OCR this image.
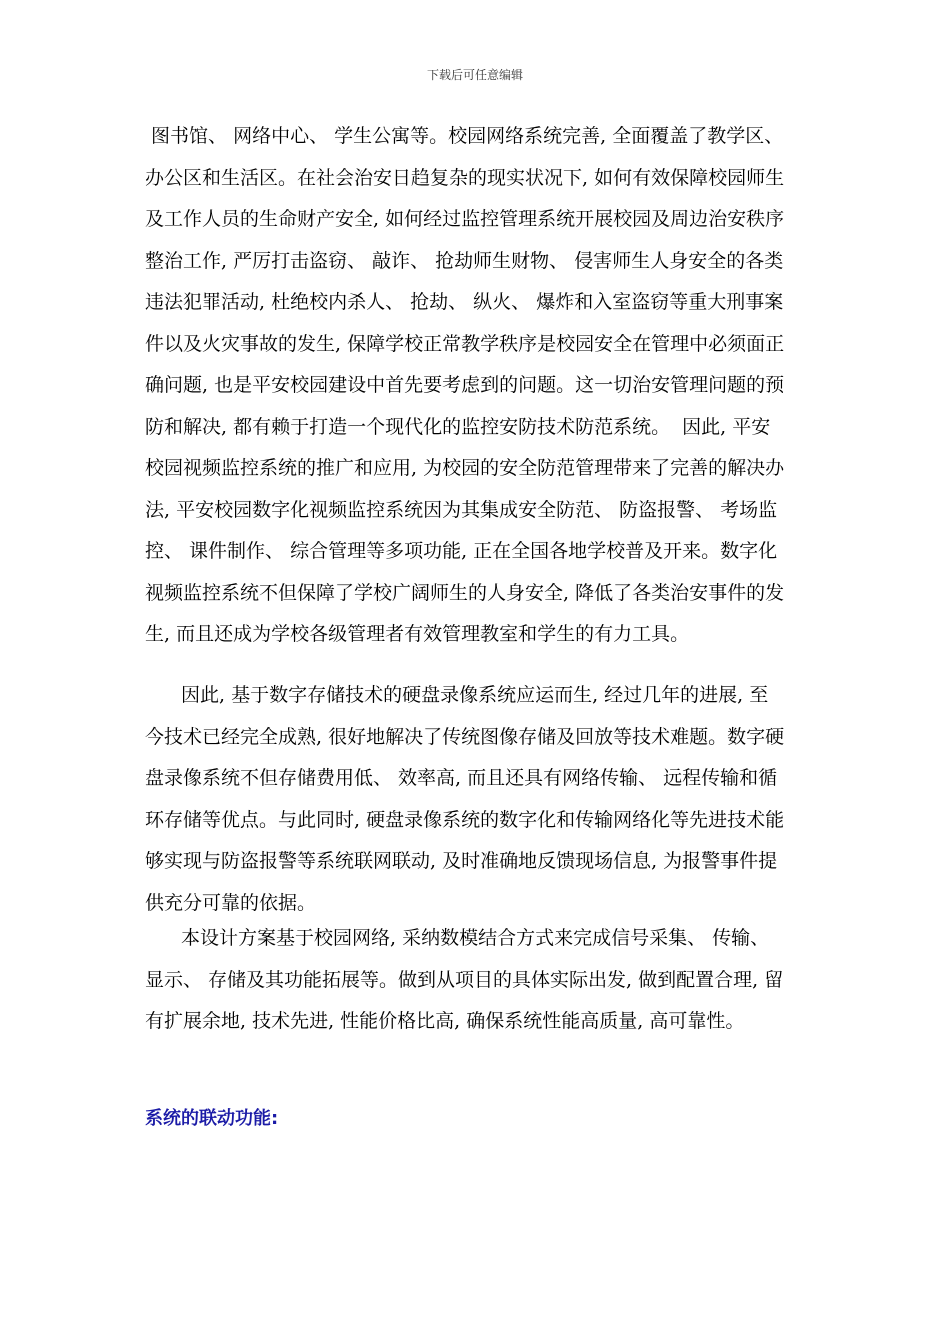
下载后可任意编辑
图书馆、 网络中心、 学生公寓等。校园网络系统完善, 全面覆盖了教学区、
办公区和生活区。在社会治安日趋复杂的现实状况下, 如何有效保障校园师生
及工作人员的生命财产安全, 如何经过监控管理系统开展校园及周边治安秩序
整治工作, 严厉打击盗窃、 敲诈、 抢劫师生财物、 侵害师生人身安全的各类
违法犯罪活动, 杜绝校内杀人、 抢劫、 纵火、 爆炸和入室盗窃等重大刑事案
件以及火灾事故的发生, 保障学校正常教学秩序是校园安全在管理中必须面正
确问题, 也是平安校园建设中首先要考虑到的问题。这一切治安管理问题的预
防和解决, 都有赖于打造一个现代化的监控安防技术防范系统。  因此, 平安
校园视频监控系统的推广和应用, 为校园的安全防范管理带来了完善的解决办
法, 平安校园数字化视频监控系统因为其集成安全防范、 防盗报警、 考场监
控、 课件制作、 综合管理等多项功能, 正在全国各地学校普及开来。数字化
视频监控系统不但保障了学校广阔师生的人身安全, 降低了各类治安事件的发
生, 而且还成为学校各级管理者有效管理教室和学生的有力工具。
因此, 基于数字存储技术的硬盘录像系统应运而生, 经过几年的进展, 至
今技术已经完全成熟, 很好地解决了传统图像存储及回放等技术难题。数字硬
盘录像系统不但存储费用低、 效率高, 而且还具有网络传输、 远程传输和循
环存储等优点。与此同时, 硬盘录像系统的数字化和传输网络化等先进技术能
够实现与防盗报警等系统联网联动, 及时准确地反馈现场信息, 为报警事件提
供充分可靠的依据。
本设计方案基于校园网络, 采纳数模结合方式来完成信号采集、 传输、
显示、 存储及其功能拓展等。做到从项目的具体实际出发, 做到配置合理, 留
有扩展余地, 技术先进, 性能价格比高, 确保系统性能高质量, 高可靠性。
系统的联动功能:
